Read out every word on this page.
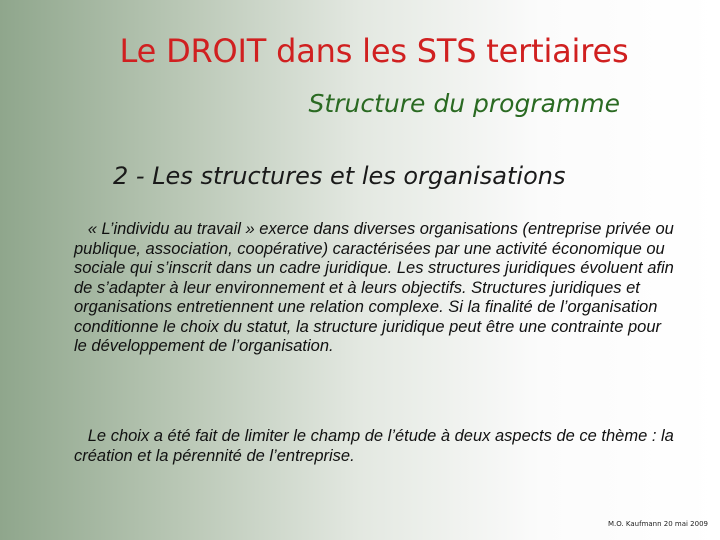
Le DROIT dans les STS tertiaires
Structure du programme
2 - Les structures et les organisations

« L’individu au travail » exerce dans diverses organisations (entreprise privée ou publique, association, coopérative) caractérisées par une activité économique ou sociale qui s’inscrit dans un cadre juridique. Les structures juridiques évoluent afin de s’adapter à leur environnement et à leurs objectifs. Structures juridiques et organisations entretiennent une relation complexe. Si la finalité de l’organisation conditionne le choix du statut, la structure juridique peut être une contrainte pour le développement de l’organisation.

Le choix a été fait de limiter le champ de l’étude à deux aspects de ce thème : la création et la pérennité de l’entreprise.

M.O. Kaufmann 20 mai 2009
